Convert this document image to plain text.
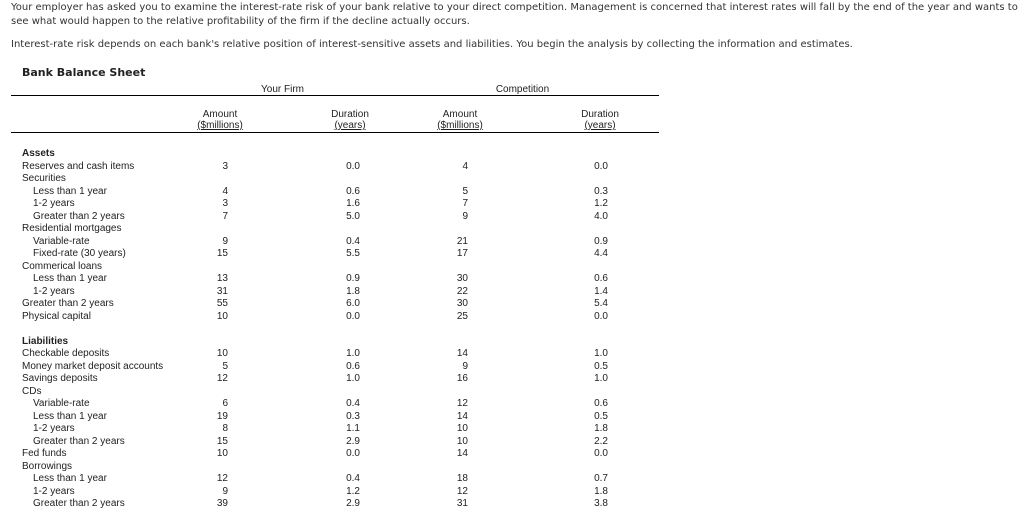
Your employer has asked you to examine the interest-rate risk of your bank relative to your direct competition. Management is concerned that interest rates will fall by the end of the year and wants to see what would happen to the relative profitability of the firm if the decline actually occurs.
Interest-rate risk depends on each bank's relative position of interest-sensitive assets and liabilities. You begin the analysis by collecting the information and estimates.
Bank Balance Sheet
Your Firm	Competition
Amount
($millions)
Duration
(years)
Amount
($millions)
Duration
(years)
Assets
Reserves and cash items	3	0.0	4	0.0
Securities
Less than 1 year	4	0.6	5	0.3
1-2 years	3	1.6	7	1.2
Greater than 2 years	7	5.0	9	4.0
Residential mortgages
Variable-rate	9	0.4	21	0.9
Fixed-rate (30 years)	15	5.5	17	4.4
Commerical loans
Less than 1 year	13	0.9	30	0.6
1-2 years	31	1.8	22	1.4
Greater than 2 years	55	6.0	30	5.4
Physical capital	10	0.0	25	0.0
Liabilities
Checkable deposits	10	1.0	14	1.0
Money market deposit accounts	5	0.6	9	0.5
Savings deposits	12	1.0	16	1.0
CDs
Variable-rate	6	0.4	12	0.6
Less than 1 year	19	0.3	14	0.5
1-2 years	8	1.1	10	1.8
Greater than 2 years	15	2.9	10	2.2
Fed funds	10	0.0	14	0.0
Borrowings
Less than 1 year	12	0.4	18	0.7
1-2 years	9	1.2	12	1.8
Greater than 2 years	39	2.9	31	3.8
